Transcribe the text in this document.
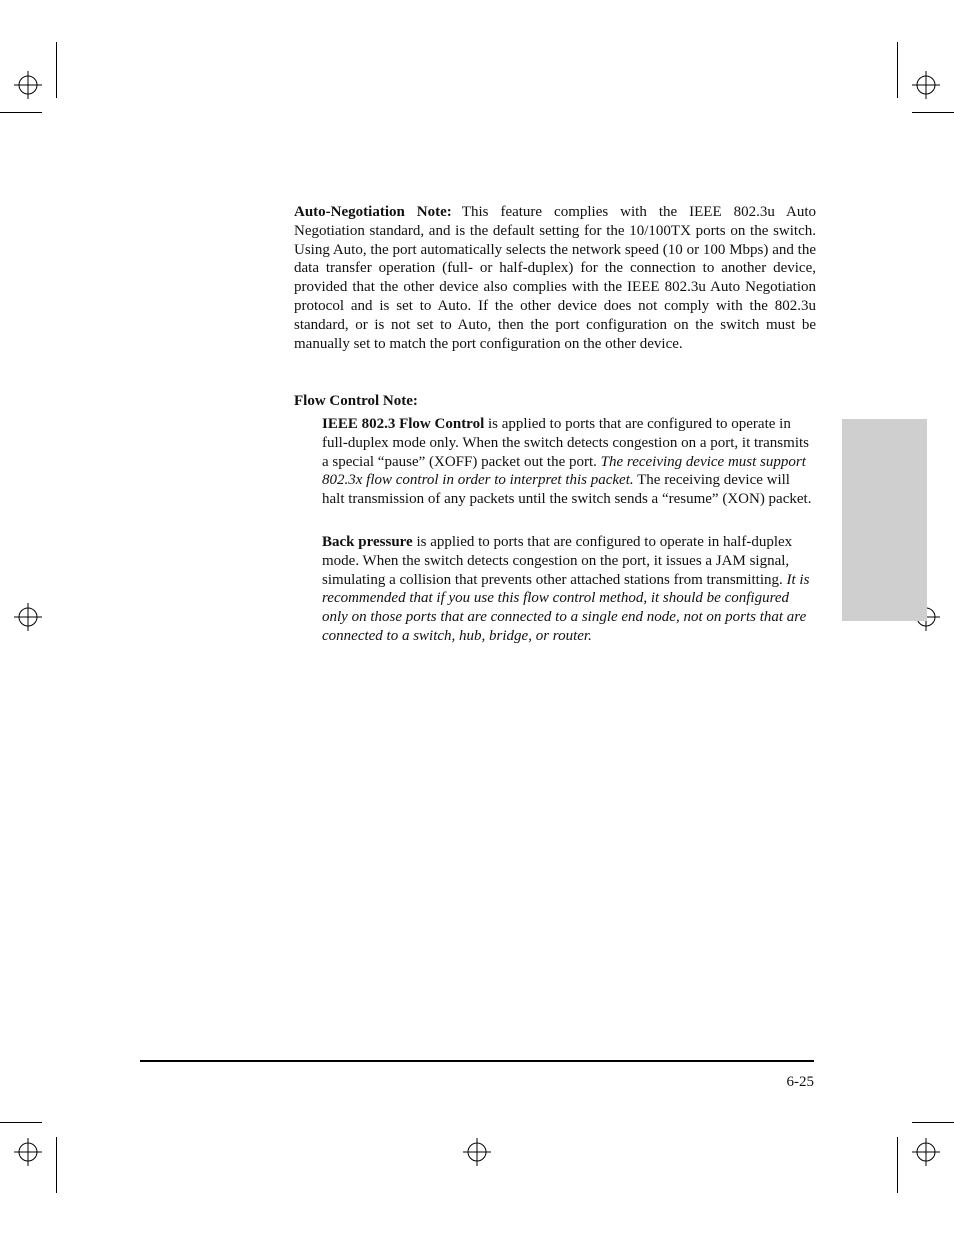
Auto-Negotiation Note: This feature complies with the IEEE 802.3u Auto Negotiation standard, and is the default setting for the 10/100TX ports on the switch. Using Auto, the port automatically selects the network speed (10 or 100 Mbps) and the data transfer operation (full- or half-duplex) for the connection to another device, provided that the other device also complies with the IEEE 802.3u Auto Negotiation protocol and is set to Auto. If the other device does not comply with the 802.3u standard, or is not set to Auto, then the port configuration on the switch must be manually set to match the port configuration on the other device.
Flow Control Note:
IEEE 802.3 Flow Control is applied to ports that are configured to operate in full-duplex mode only. When the switch detects congestion on a port, it transmits a special “pause” (XOFF) packet out the port. The receiving device must support 802.3x flow control in order to interpret this packet. The receiving device will halt transmission of any packets until the switch sends a “resume” (XON) packet.
Back pressure is applied to ports that are configured to operate in half-duplex mode. When the switch detects congestion on the port, it issues a JAM signal, simulating a collision that prevents other attached stations from transmitting. It is recommended that if you use this flow control method, it should be configured only on those ports that are connected to a single end node, not on ports that are connected to a switch, hub, bridge, or router.
6-25
